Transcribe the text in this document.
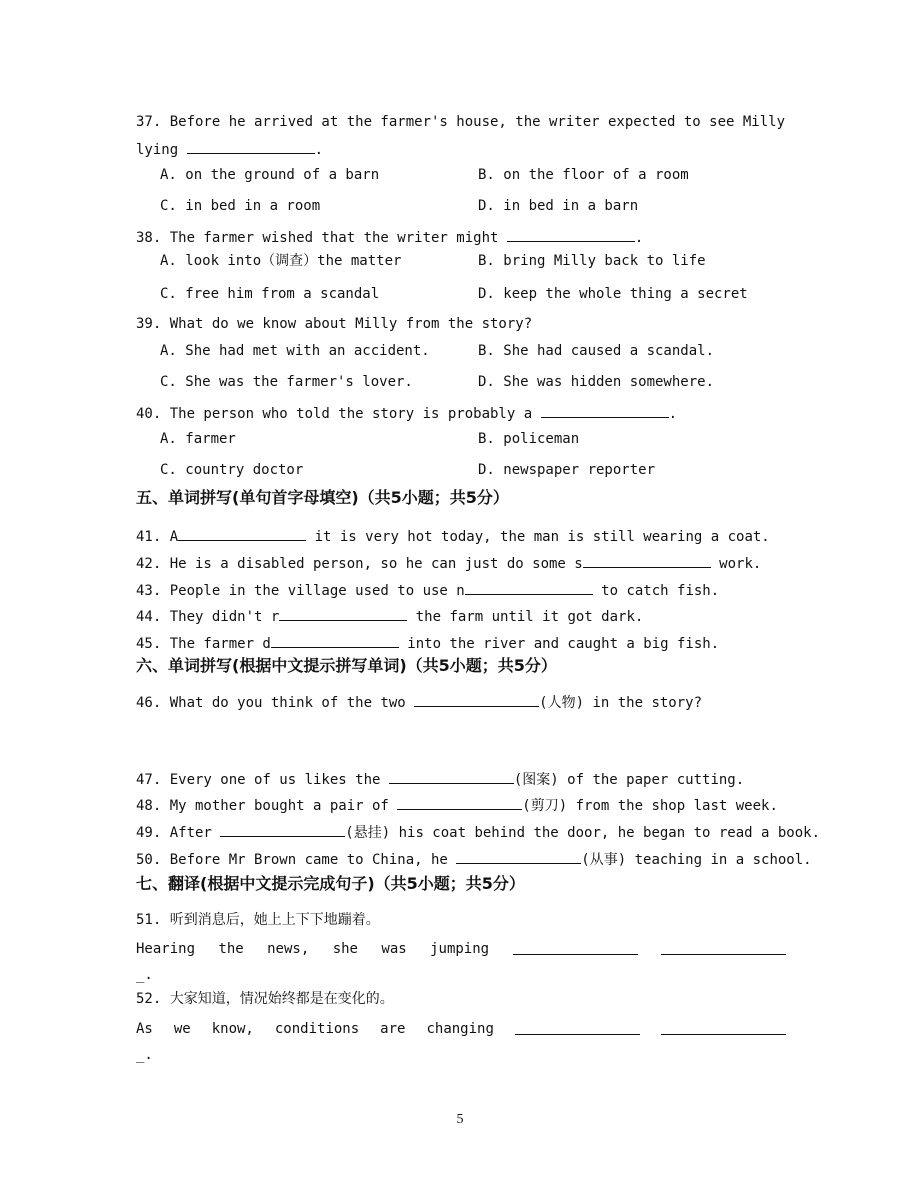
37. Before he arrived at the farmer's house, the writer expected to see Milly
lying	.
A. on the ground of a barn	B. on the floor of a room
C. in bed in a room	D. in bed in a barn
38. The farmer wished that the writer might	.
A. look into（调查）the matter	B. bring Milly back to life
C. free him from a scandal	D. keep the whole thing a secret
39. What do we know about Milly from the story?
A. She had met with an accident.	B. She had caused a scandal.
C. She was the farmer's lover.	D. She was hidden somewhere.
40. The person who told the story is probably a	.
A. farmer	B. policeman
C. country doctor	D. newspaper reporter
五、单词拼写(单句首字母填空)（共5小题；共5分）
41. A	it is very hot today, the man is still wearing a coat.
42. He is a disabled person, so he can just do some s	work.
43. People in the village used to use n	to catch fish.
44. They didn't r	the farm until it got dark.
45. The farmer d	into the river and caught a big fish.
六、单词拼写(根据中文提示拼写单词)（共5小题；共5分）
46. What do you think of the two	(人物) in the story?
47. Every one of us likes the	(图案) of the paper cutting.
48. My mother bought a pair of	(剪刀) from the shop last week.
49. After	(悬挂) his coat behind the door, he began to read a book.
50. Before Mr Brown came to China, he	(从事) teaching in a school.
七、翻译(根据中文提示完成句子)（共5小题；共5分）
51. 听到消息后，她上上下下地蹦着。
Hearing the news, she was jumping
_.
52. 大家知道，情况始终都是在变化的。
As we know, conditions are changing
_.
5
